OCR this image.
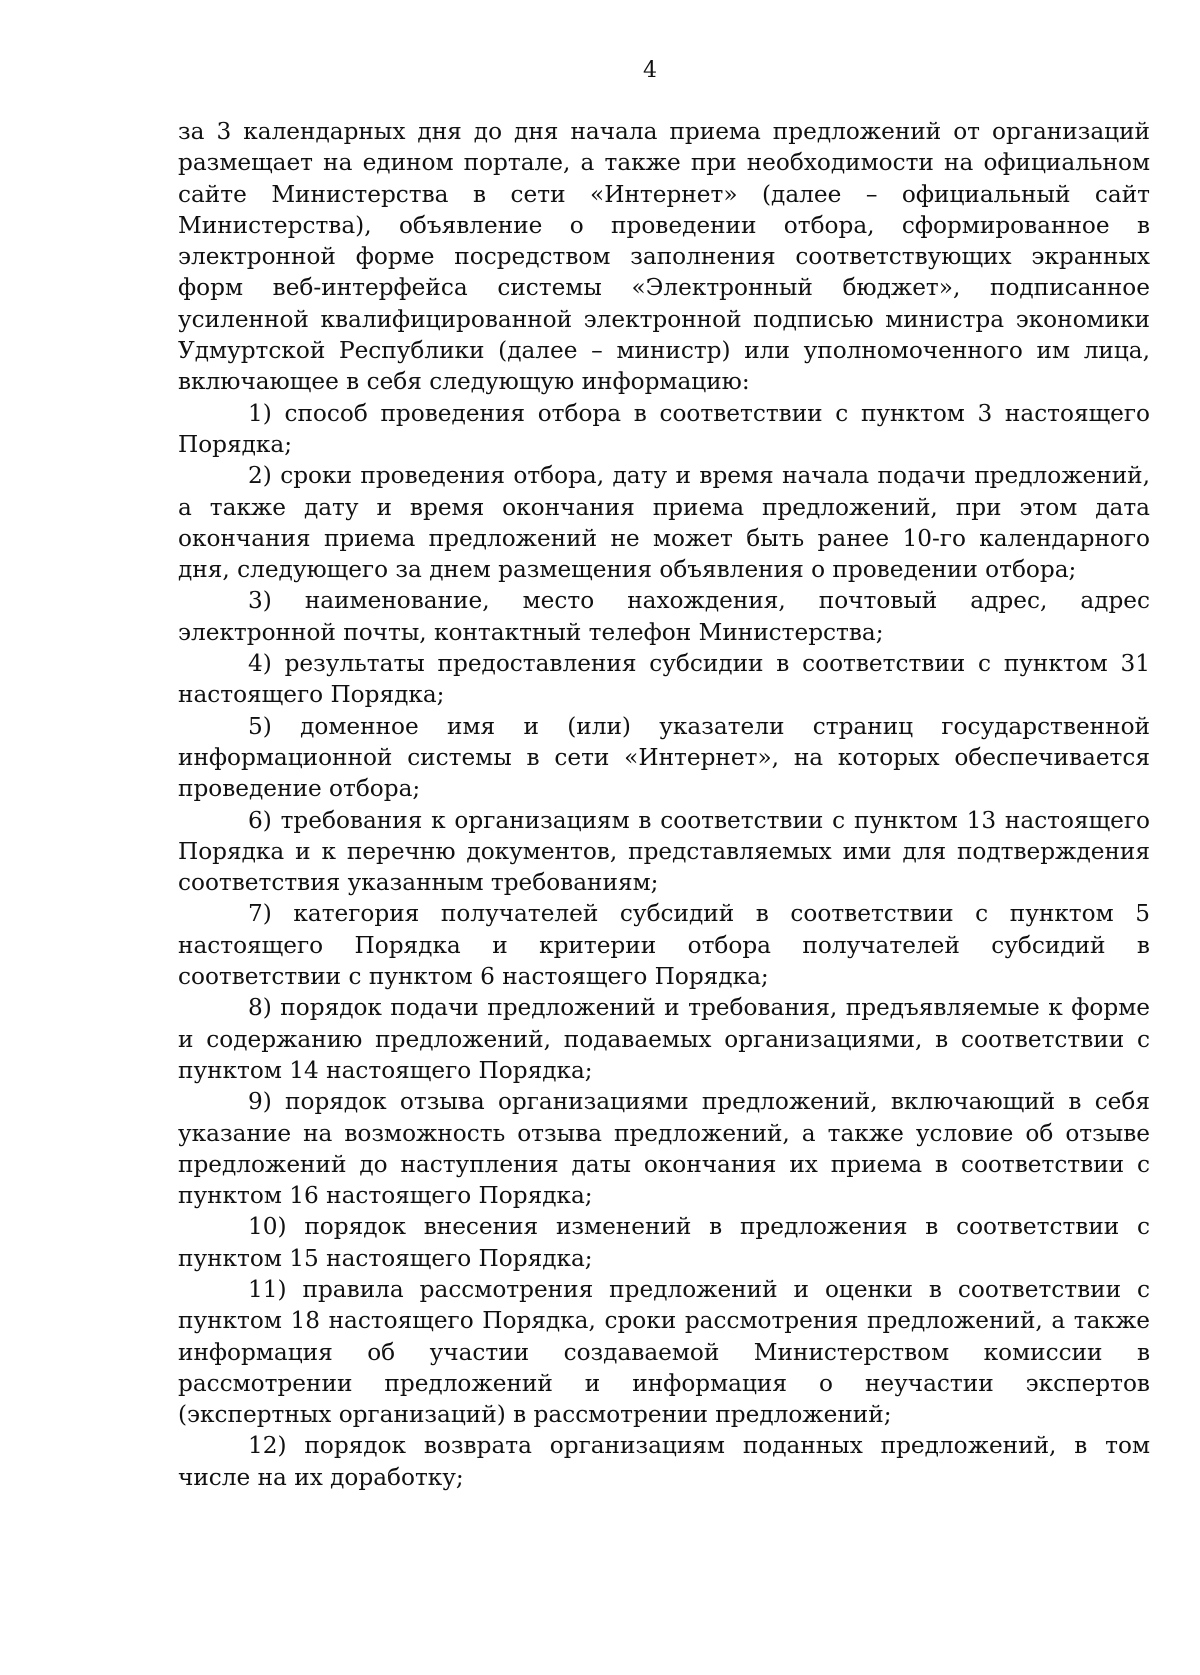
4

за 3 календарных дня до дня начала приема предложений от организаций размещает на едином портале, а также при необходимости на официальном сайте Министерства в сети «Интернет» (далее – официальный сайт Министерства), объявление о проведении отбора, сформированное в электронной форме посредством заполнения соответствующих экранных форм веб-интерфейса системы «Электронный бюджет», подписанное усиленной квалифицированной электронной подписью министра экономики Удмуртской Республики (далее – министр) или уполномоченного им лица, включающее в себя следующую информацию:

1) способ проведения отбора в соответствии с пунктом 3 настоящего Порядка;

2) сроки проведения отбора, дату и время начала подачи предложений, а также дату и время окончания приема предложений, при этом дата окончания приема предложений не может быть ранее 10-го календарного дня, следующего за днем размещения объявления о проведении отбора;

3) наименование, место нахождения, почтовый адрес, адрес электронной почты, контактный телефон Министерства;

4) результаты предоставления субсидии в соответствии с пунктом 31 настоящего Порядка;

5) доменное имя и (или) указатели страниц государственной информационной системы в сети «Интернет», на которых обеспечивается проведение отбора;

6) требования к организациям в соответствии с пунктом 13 настоящего Порядка и к перечню документов, представляемых ими для подтверждения соответствия указанным требованиям;

7) категория получателей субсидий в соответствии с пунктом 5 настоящего Порядка и критерии отбора получателей субсидий в соответствии с пунктом 6 настоящего Порядка;

8) порядок подачи предложений и требования, предъявляемые к форме и содержанию предложений, подаваемых организациями, в соответствии с пунктом 14 настоящего Порядка;

9) порядок отзыва организациями предложений, включающий в себя указание на возможность отзыва предложений, а также условие об отзыве предложений до наступления даты окончания их приема в соответствии с пунктом 16 настоящего Порядка;

10) порядок внесения изменений в предложения в соответствии с пунктом 15 настоящего Порядка;

11) правила рассмотрения предложений и оценки в соответствии с пунктом 18 настоящего Порядка, сроки рассмотрения предложений, а также информация об участии создаваемой Министерством комиссии в рассмотрении предложений и информация о неучастии экспертов (экспертных организаций) в рассмотрении предложений;

12) порядок возврата организациям поданных предложений, в том числе на их доработку;
